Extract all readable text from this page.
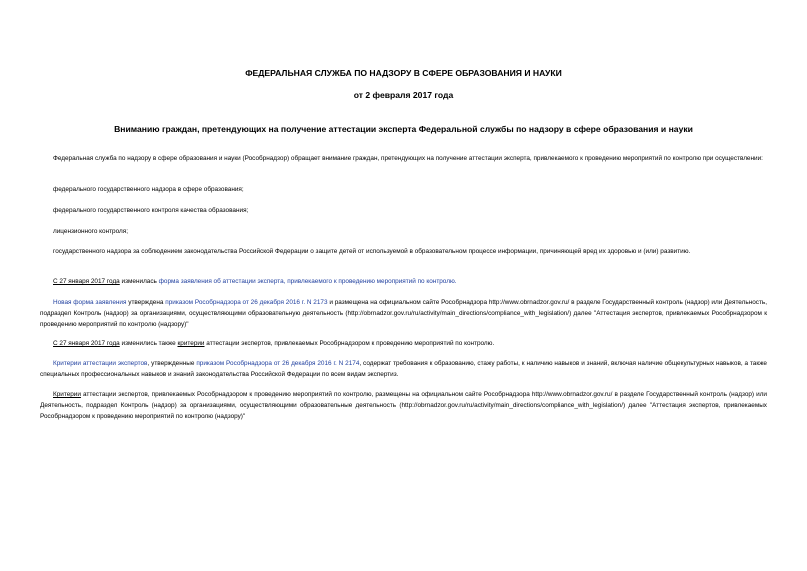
ФЕДЕРАЛЬНАЯ СЛУЖБА ПО НАДЗОРУ В СФЕРЕ ОБРАЗОВАНИЯ И НАУКИ
от 2 февраля 2017 года
Вниманию граждан, претендующих на получение аттестации эксперта Федеральной службы по надзору в сфере образования и науки

Федеральная служба по надзору в сфере образования и науки (Рособрнадзор) обращает внимание граждан, претендующих на получение аттестации эксперта, привлекаемого к проведению мероприятий по контролю при осуществлении:

федерального государственного надзора в сфере образования;

федерального государственного контроля качества образования;

лицензионного контроля;

государственного надзора за соблюдением законодательства Российской Федерации о защите детей от используемой в образовательном процессе информации, причиняющей вред их здоровью и (или) развитию.

С 27 января 2017 года изменилась форма заявления об аттестации эксперта, привлекаемого к проведению мероприятий по контролю.

Новая форма заявления утверждена приказом Рособрнадзора от 26 декабря 2016 г. N 2173 и размещена на официальном сайте Рособрнадзора http://www.obrnadzor.gov.ru/ в разделе Государственный контроль (надзор) или Деятельность, подраздел Контроль (надзор) за организациями, осуществляющими образовательную деятельность (http://obrnadzor.gov.ru/ru/activity/main_directions/compliance_with_legislation/) далее "Аттестация экспертов, привлекаемых Рособрнадзором к проведению мероприятий по контролю (надзору)"

С 27 января 2017 года изменились также критерии аттестации экспертов, привлекаемых Рособрнадзором к проведению мероприятий по контролю.

Критерии аттестации экспертов, утвержденные приказом Рособрнадзора от 26 декабря 2016 г. N 2174, содержат требования к образованию, стажу работы, к наличию навыков и знаний, включая наличие общекультурных навыков, а также специальных профессиональных навыков и знаний законодательства Российской Федерации по всем видам экспертиз.

Критерии аттестации экспертов, привлекаемых Рособрнадзором к проведению мероприятий по контролю, размещены на официальном сайте Рособрнадзора http://www.obrnadzor.gov.ru/ в разделе Государственный контроль (надзор) или Деятельность, подраздел Контроль (надзор) за организациями, осуществляющими образовательные деятельность (http://obrnadzor.gov.ru/ru/activity/main_directions/compliance_with_legislation/) далее "Аттестация экспертов, привлекаемых Рособрнадзором к проведению мероприятий по контролю (надзору)"
